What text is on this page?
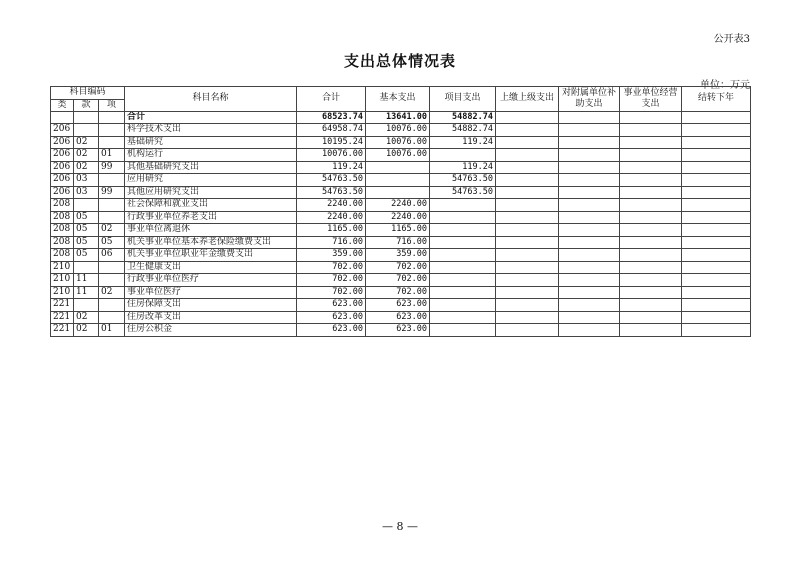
公开表3
支出总体情况表
单位：万元
科目编码			科目名称	合计	基本支出	项目支出	上缴上级支出	对附属单位补助支出	事业单位经营支出	结转下年
类	款	项								
			合计	68523.74	13641.00	54882.74				
206			科学技术支出	64958.74	10076.00	54882.74				
206	02		基础研究	10195.24	10076.00	119.24				
206	02	01	机构运行	10076.00	10076.00					
206	02	99	其他基础研究支出	119.24		119.24				
206	03		应用研究	54763.50		54763.50				
206	03	99	其他应用研究支出	54763.50		54763.50				
208			社会保障和就业支出	2240.00	2240.00					
208	05		行政事业单位养老支出	2240.00	2240.00					
208	05	02	事业单位离退休	1165.00	1165.00					
208	05	05	机关事业单位基本养老保险缴费支出	716.00	716.00					
208	05	06	机关事业单位职业年金缴费支出	359.00	359.00					
210			卫生健康支出	702.00	702.00					
210	11		行政事业单位医疗	702.00	702.00					
210	11	02	事业单位医疗	702.00	702.00					
221			住房保障支出	623.00	623.00					
221	02		住房改革支出	623.00	623.00					
221	02	01	住房公积金	623.00	623.00					
— 8 —
